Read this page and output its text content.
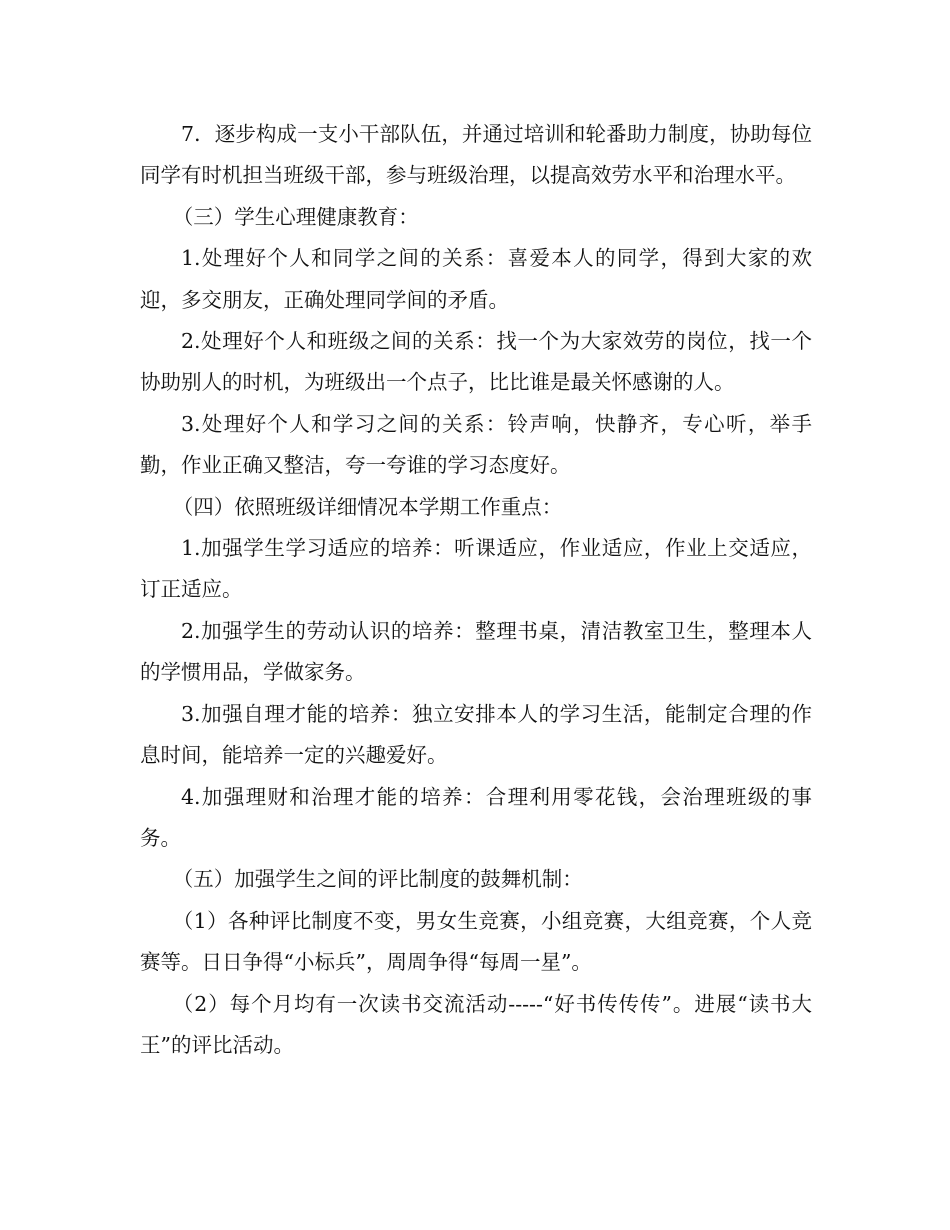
7．逐步构成一支小干部队伍，并通过培训和轮番助力制度，协助每位同学有时机担当班级干部，参与班级治理，以提高效劳水平和治理水平。

（三）学生心理健康教育：

1.处理好个人和同学之间的关系：喜爱本人的同学，得到大家的欢迎，多交朋友，正确处理同学间的矛盾。

2.处理好个人和班级之间的关系：找一个为大家效劳的岗位，找一个协助别人的时机，为班级出一个点子，比比谁是最关怀感谢的人。

3.处理好个人和学习之间的关系：铃声响，快静齐，专心听，举手勤，作业正确又整洁，夸一夸谁的学习态度好。

（四）依照班级详细情况本学期工作重点：

1.加强学生学习适应的培养：听课适应，作业适应，作业上交适应，订正适应。

2.加强学生的劳动认识的培养：整理书桌，清洁教室卫生，整理本人的学惯用品，学做家务。

3.加强自理才能的培养：独立安排本人的学习生活，能制定合理的作息时间，能培养一定的兴趣爱好。

4.加强理财和治理才能的培养：合理利用零花钱，会治理班级的事务。

（五）加强学生之间的评比制度的鼓舞机制：

（1）各种评比制度不变，男女生竞赛，小组竞赛，大组竞赛，个人竞赛等。日日争得“小标兵”，周周争得“每周一星”。

（2）每个月均有一次读书交流活动-----“好书传传传”。进展“读书大王”的评比活动。
